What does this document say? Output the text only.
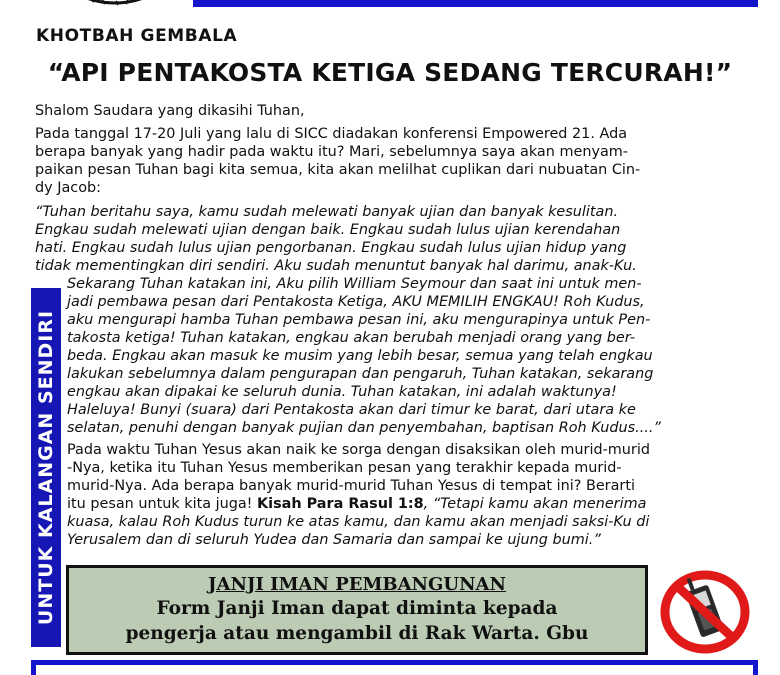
KHOTBAH GEMBALA
“API PENTAKOSTA KETIGA SEDANG TERCURAH!”
Shalom Saudara yang dikasihi Tuhan,
Pada tanggal 17-20 Juli yang lalu di SICC diadakan konferensi Empowered 21. Ada
berapa banyak yang hadir pada waktu itu? Mari, sebelumnya saya akan menyam-
paikan pesan Tuhan bagi kita semua, kita akan melilhat cuplikan dari nubuatan Cin-
dy Jacob:
“Tuhan beritahu saya, kamu sudah melewati banyak ujian dan banyak kesulitan.
Engkau sudah melewati ujian dengan baik. Engkau sudah lulus ujian kerendahan
hati. Engkau sudah lulus ujian pengorbanan. Engkau sudah lulus ujian hidup yang
tidak mementingkan diri sendiri. Aku sudah menuntut banyak hal darimu, anak-Ku.
UNTUK KALANGAN SENDIRI
Sekarang Tuhan katakan ini, Aku pilih William Seymour dan saat ini untuk men-
jadi pembawa pesan dari Pentakosta Ketiga, AKU MEMILIH ENGKAU! Roh Kudus,
aku mengurapi hamba Tuhan pembawa pesan ini, aku mengurapinya untuk Pen-
takosta ketiga! Tuhan katakan, engkau akan berubah menjadi orang yang ber-
beda. Engkau akan masuk ke musim yang lebih besar, semua yang telah engkau
lakukan sebelumnya dalam pengurapan dan pengaruh, Tuhan katakan, sekarang
engkau akan dipakai ke seluruh dunia. Tuhan katakan, ini adalah waktunya!
Haleluya! Bunyi (suara) dari Pentakosta akan dari timur ke barat, dari utara ke
selatan, penuhi dengan banyak pujian dan penyembahan, baptisan Roh Kudus....”
Pada waktu Tuhan Yesus akan naik ke sorga dengan disaksikan oleh murid-murid
-Nya, ketika itu Tuhan Yesus memberikan pesan yang terakhir kepada murid-
murid-Nya. Ada berapa banyak murid-murid Tuhan Yesus di tempat ini? Berarti
itu pesan untuk kita juga! Kisah Para Rasul 1:8, “Tetapi kamu akan menerima
kuasa, kalau Roh Kudus turun ke atas kamu, dan kamu akan menjadi saksi-Ku di
Yerusalem dan di seluruh Yudea dan Samaria dan sampai ke ujung bumi.”
JANJI IMAN PEMBANGUNAN
Form Janji Iman dapat diminta kepada
pengerja atau mengambil di Rak Warta. Gbu
